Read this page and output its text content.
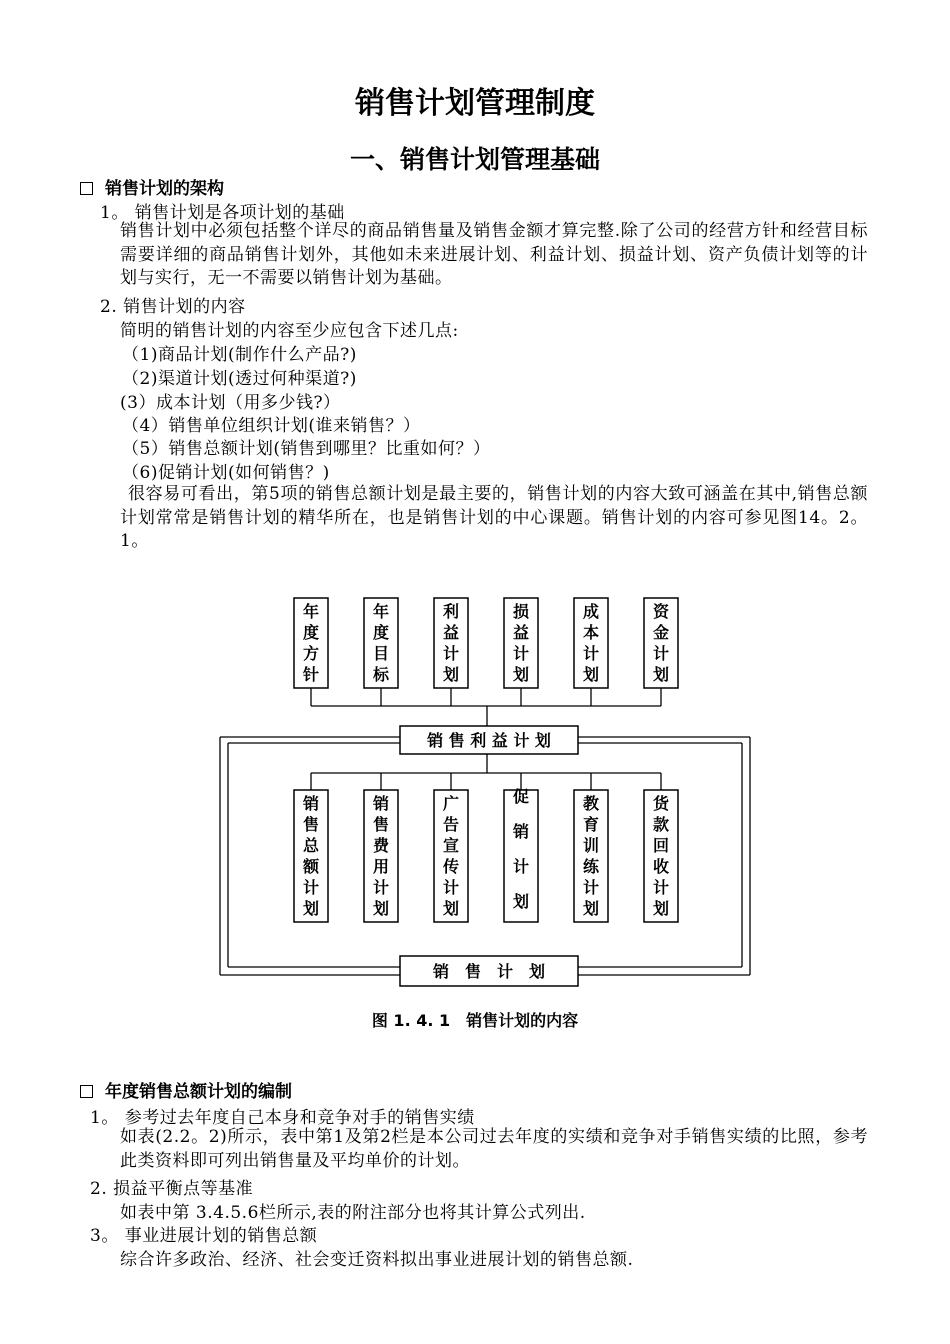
销售计划管理制度
一、销售计划管理基础
销售计划的架构
1。 销售计划是各项计划的基础
销售计划中必须包括整个详尽的商品销售量及销售金额才算完整.除了公司的经营方针和经营目标需要详细的商品销售计划外，其他如未来进展计划、利益计划、损益计划、资产负债计划等的计划与实行，无一不需要以销售计划为基础。
2. 销售计划的内容
简明的销售计划的内容至少应包含下述几点:
（1)商品计划(制作什么产品?)
（2)渠道计划(透过何种渠道?)
(3）成本计划（用多少钱?）
（4）销售单位组织计划(谁来销售？）
（5）销售总额计划(销售到哪里？比重如何？）
（6)促销计划(如何销售？)
很容易可看出，第5项的销售总额计划是最主要的，销售计划的内容大致可涵盖在其中,销售总额计划常常是销售计划的精华所在，也是销售计划的中心课题。销售计划的内容可参见图14。2。1。
年
度
方
针
年
度
目
标
利
益
计
划
损
益
计
划
成
本
计
划
资
金
计
划
销 售 利 益 计 划
销
售
总
额
计
划
销
售
费
用
计
划
广
告
宣
传
计
划
促
销
计
划
教
育
训
练
计
划
货
款
回
收
计
划
销　售　计　划
图 1. 4. 1　销售计划的内容
年度销售总额计划的编制
1。 参考过去年度自己本身和竞争对手的销售实绩
如表(2.2。2)所示，表中第1及第2栏是本公司过去年度的实绩和竞争对手销售实绩的比照，参考此类资料即可列出销售量及平均单价的计划。
2. 损益平衡点等基准
如表中第 3.4.5.6栏所示,表的附注部分也将其计算公式列出.
3。 事业进展计划的销售总额
综合许多政治、经济、社会变迁资料拟出事业进展计划的销售总额.
